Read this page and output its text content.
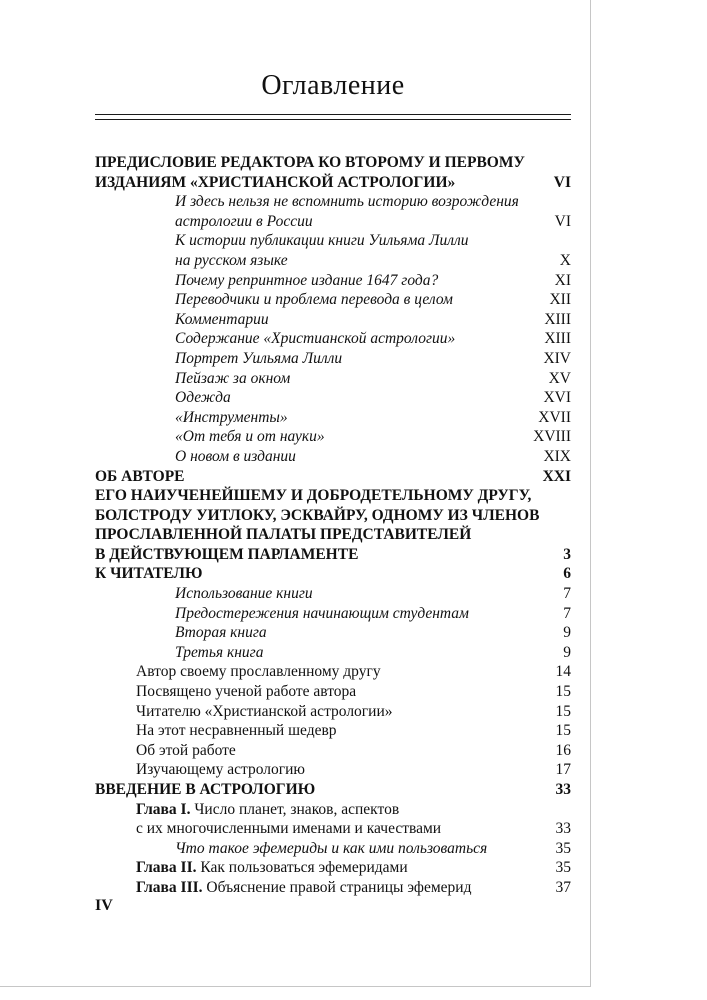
Оглавление
ПРЕДИСЛОВИЕ РЕДАКТОРА КО ВТОРОМУ И ПЕРВОМУ
ИЗДАНИЯМ «ХРИСТИАНСКОЙ АСТРОЛОГИИ»	VI
И здесь нельзя не вспомнить историю возрождения
астрологии в России	VI
К истории публикации книги Уильяма Лилли
на русском языке	X
Почему репринтное издание 1647 года?	XI
Переводчики и проблема перевода в целом	XII
Комментарии	XIII
Содержание «Христианской астрологии»	XIII
Портрет Уильяма Лилли	XIV
Пейзаж за окном	XV
Одежда	XVI
«Инструменты»	XVII
«От тебя и от науки»	XVIII
О новом в издании	XIX
ОБ АВТОРЕ	XXI
ЕГО НАИУЧЕНЕЙШЕМУ И ДОБРОДЕТЕЛЬНОМУ ДРУГУ,
БОЛСТРОДУ УИТЛОКУ, ЭСКВАЙРУ, ОДНОМУ ИЗ ЧЛЕНОВ
ПРОСЛАВЛЕННОЙ ПАЛАТЫ ПРЕДСТАВИТЕЛЕЙ
В ДЕЙСТВУЮЩЕМ ПАРЛАМЕНТЕ	3
К ЧИТАТЕЛЮ	6
Использование книги	7
Предостережения начинающим студентам	7
Вторая книга	9
Третья книга	9
Автор своему прославленному другу	14
Посвящено ученой работе автора	15
Читателю «Христианской астрологии»	15
На этот несравненный шедевр	15
Об этой работе	16
Изучающему астрологию	17
ВВЕДЕНИЕ В АСТРОЛОГИЮ	33
Глава I. Число планет, знаков, аспектов
с их многочисленными именами и качествами	33
Что такое эфемериды и как ими пользоваться	35
Глава II. Как пользоваться эфемеридами	35
Глава III. Объяснение правой страницы эфемерид	37
IV
